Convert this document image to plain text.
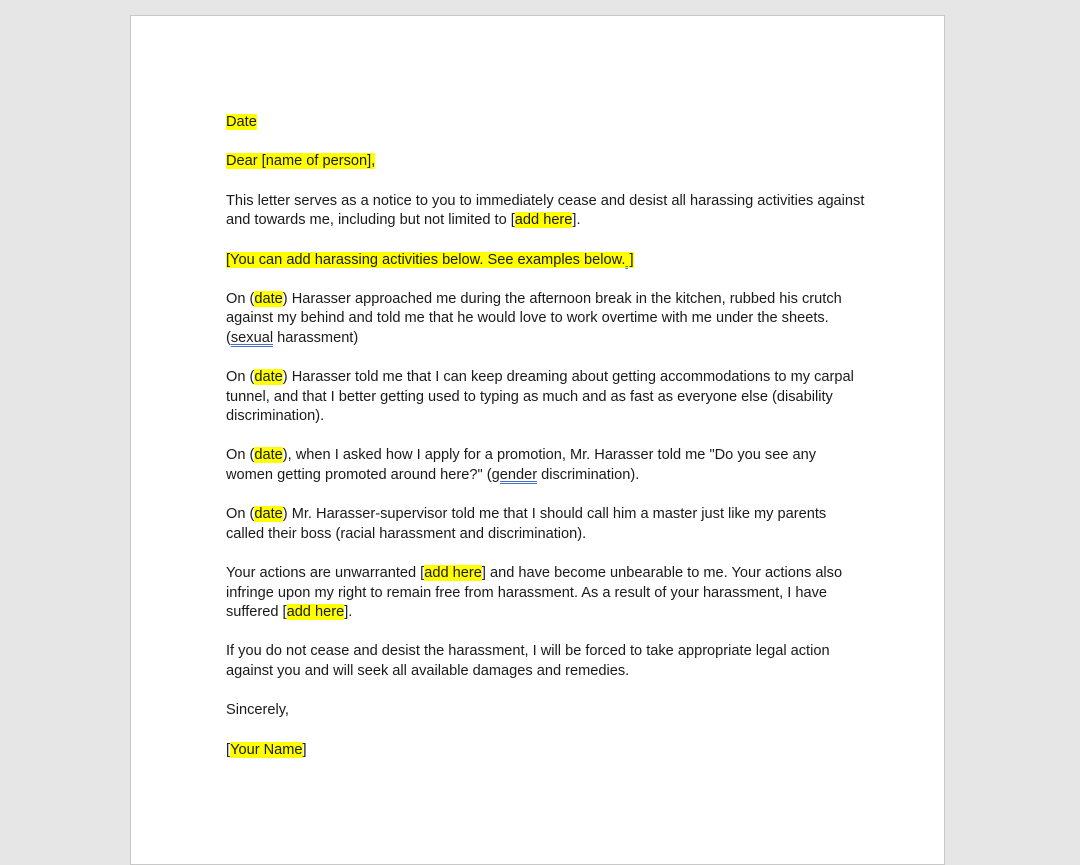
Date

Dear [name of person],

This letter serves as a notice to you to immediately cease and desist all harassing activities against and towards me, including but not limited to [add here].

[You can add harassing activities below. See examples below. ]

On (date) Harasser approached me during the afternoon break in the kitchen, rubbed his crutch against my behind and told me that he would love to work overtime with me under the sheets. (sexual harassment)

On (date) Harasser told me that I can keep dreaming about getting accommodations to my carpal tunnel, and that I better getting used to typing as much and as fast as everyone else (disability discrimination).

On (date), when I asked how I apply for a promotion, Mr. Harasser told me "Do you see any women getting promoted around here?" (gender discrimination).

On (date) Mr. Harasser-supervisor told me that I should call him a master just like my parents called their boss (racial harassment and discrimination).

Your actions are unwarranted [add here] and have become unbearable to me. Your actions also infringe upon my right to remain free from harassment. As a result of your harassment, I have suffered [add here].

If you do not cease and desist the harassment, I will be forced to take appropriate legal action against you and will seek all available damages and remedies.

Sincerely,

[Your Name]
